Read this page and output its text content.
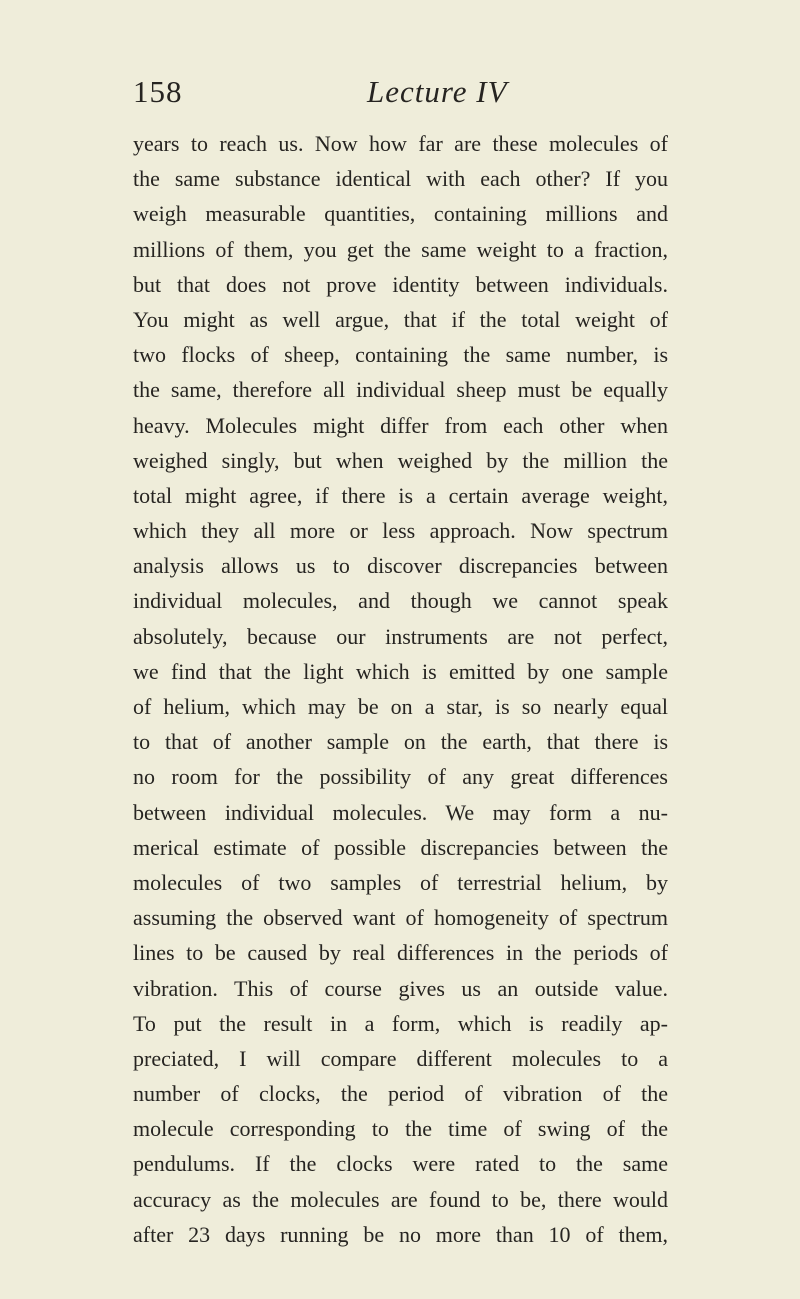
158	Lecture IV
years to reach us. Now how far are these molecules of
the same substance identical with each other? If you
weigh measurable quantities, containing millions and
millions of them, you get the same weight to a fraction,
but that does not prove identity between individuals.
You might as well argue, that if the total weight of
two flocks of sheep, containing the same number, is
the same, therefore all individual sheep must be equally
heavy. Molecules might differ from each other when
weighed singly, but when weighed by the million the
total might agree, if there is a certain average weight,
which they all more or less approach. Now spectrum
analysis allows us to discover discrepancies between
individual molecules, and though we cannot speak
absolutely, because our instruments are not perfect,
we find that the light which is emitted by one sample
of helium, which may be on a star, is so nearly equal
to that of another sample on the earth, that there is
no room for the possibility of any great differences
between individual molecules. We may form a nu-
merical estimate of possible discrepancies between the
molecules of two samples of terrestrial helium, by
assuming the observed want of homogeneity of spectrum
lines to be caused by real differences in the periods of
vibration. This of course gives us an outside value.
To put the result in a form, which is readily ap-
preciated, I will compare different molecules to a
number of clocks, the period of vibration of the
molecule corresponding to the time of swing of the
pendulums. If the clocks were rated to the same
accuracy as the molecules are found to be, there would
after 23 days running be no more than 10 of them,
